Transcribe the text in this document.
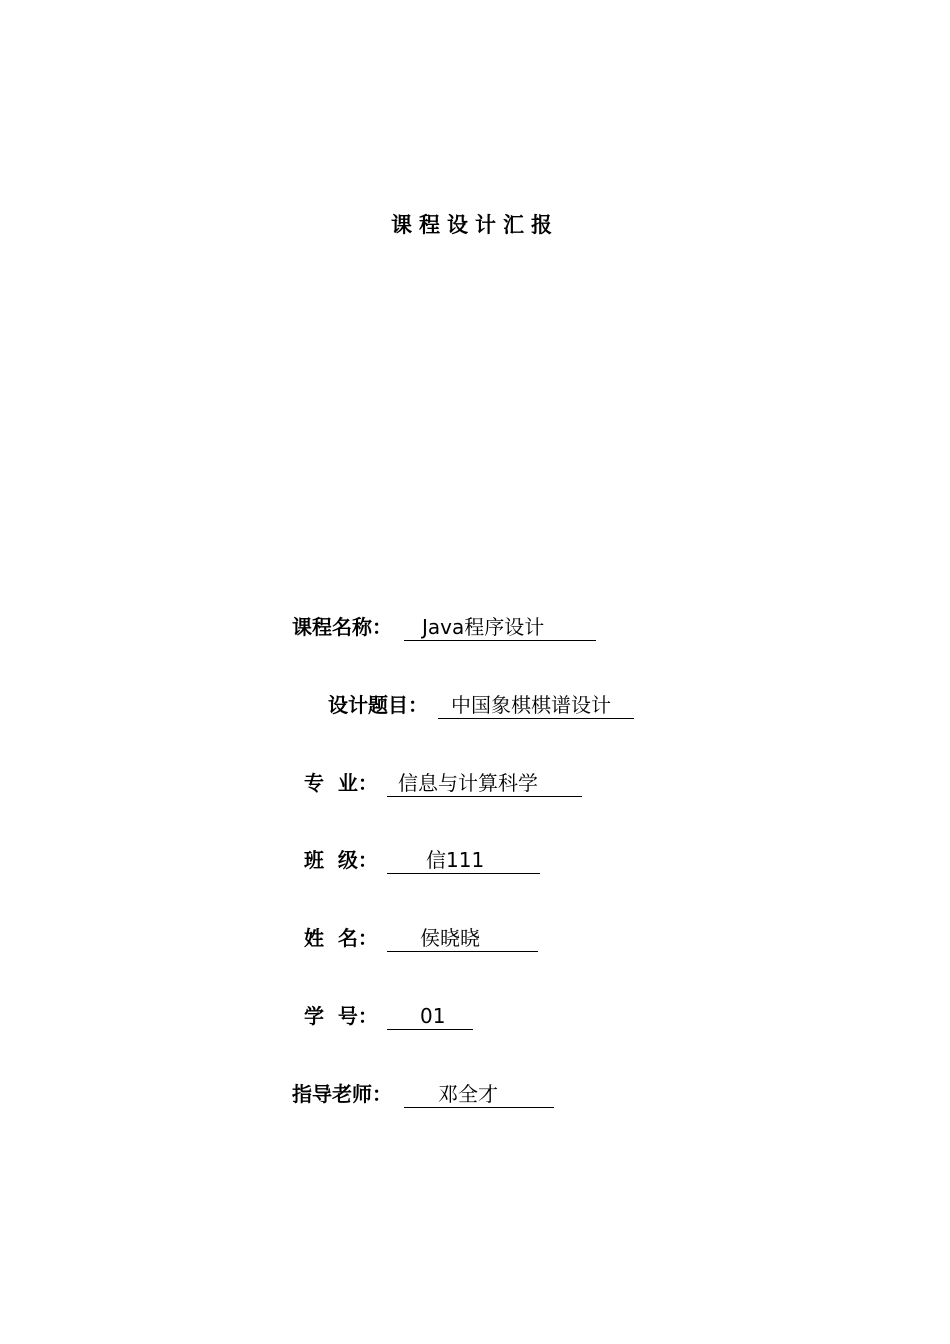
课程设计汇报
课程名称： Java程序设计
设计题目： 中国象棋棋谱设计
专  业： 信息与计算科学
班  级： 信111
姓  名： 侯晓晓
学  号： 01
指导老师： 邓全才
